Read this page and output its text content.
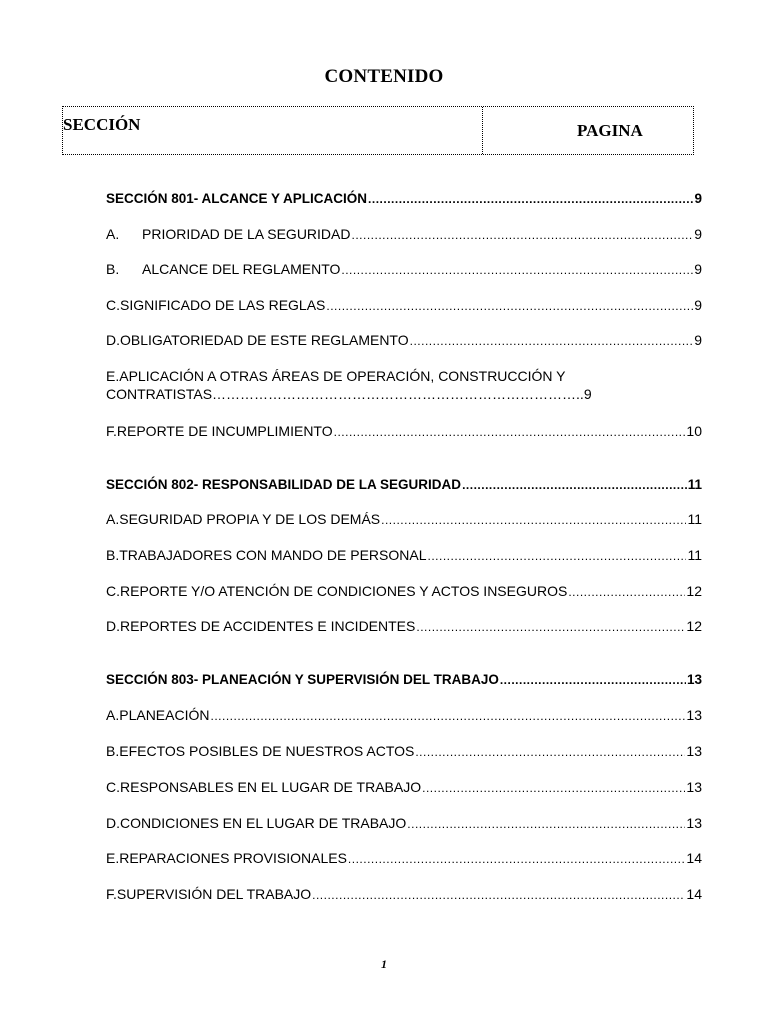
CONTENIDO
SECCIÓN	PAGINA
SECCIÓN 801- ALCANCE Y APLICACIÓN .....	9
A. PRIORIDAD DE LA SEGURIDAD .....	9
B. ALCANCE DEL REGLAMENTO .....	9
C.SIGNIFICADO DE LAS REGLAS .....	9
D.OBLIGATORIEDAD DE ESTE REGLAMENTO .....	9
E.APLICACIÓN A OTRAS ÁREAS DE OPERACIÓN, CONSTRUCCIÓN Y
CONTRATISTAS……………………………………………………………………..9
F.REPORTE DE INCUMPLIMIENTO .....	10
SECCIÓN 802- RESPONSABILIDAD DE LA SEGURIDAD .....	11
A.SEGURIDAD PROPIA Y DE LOS DEMÁS .....	11
B.TRABAJADORES CON MANDO DE PERSONAL .....	11
C.REPORTE Y/O ATENCIÓN DE CONDICIONES Y ACTOS INSEGUROS .....	12
D.REPORTES DE ACCIDENTES E INCIDENTES .....	12
SECCIÓN 803- PLANEACIÓN Y SUPERVISIÓN DEL TRABAJO .....	13
A.PLANEACIÓN .....	13
B.EFECTOS POSIBLES DE NUESTROS ACTOS .....	13
C.RESPONSABLES EN EL LUGAR DE TRABAJO .....	13
D.CONDICIONES EN EL LUGAR DE TRABAJO .....	13
E.REPARACIONES PROVISIONALES .....	14
F.SUPERVISIÓN DEL TRABAJO .....	14
1
